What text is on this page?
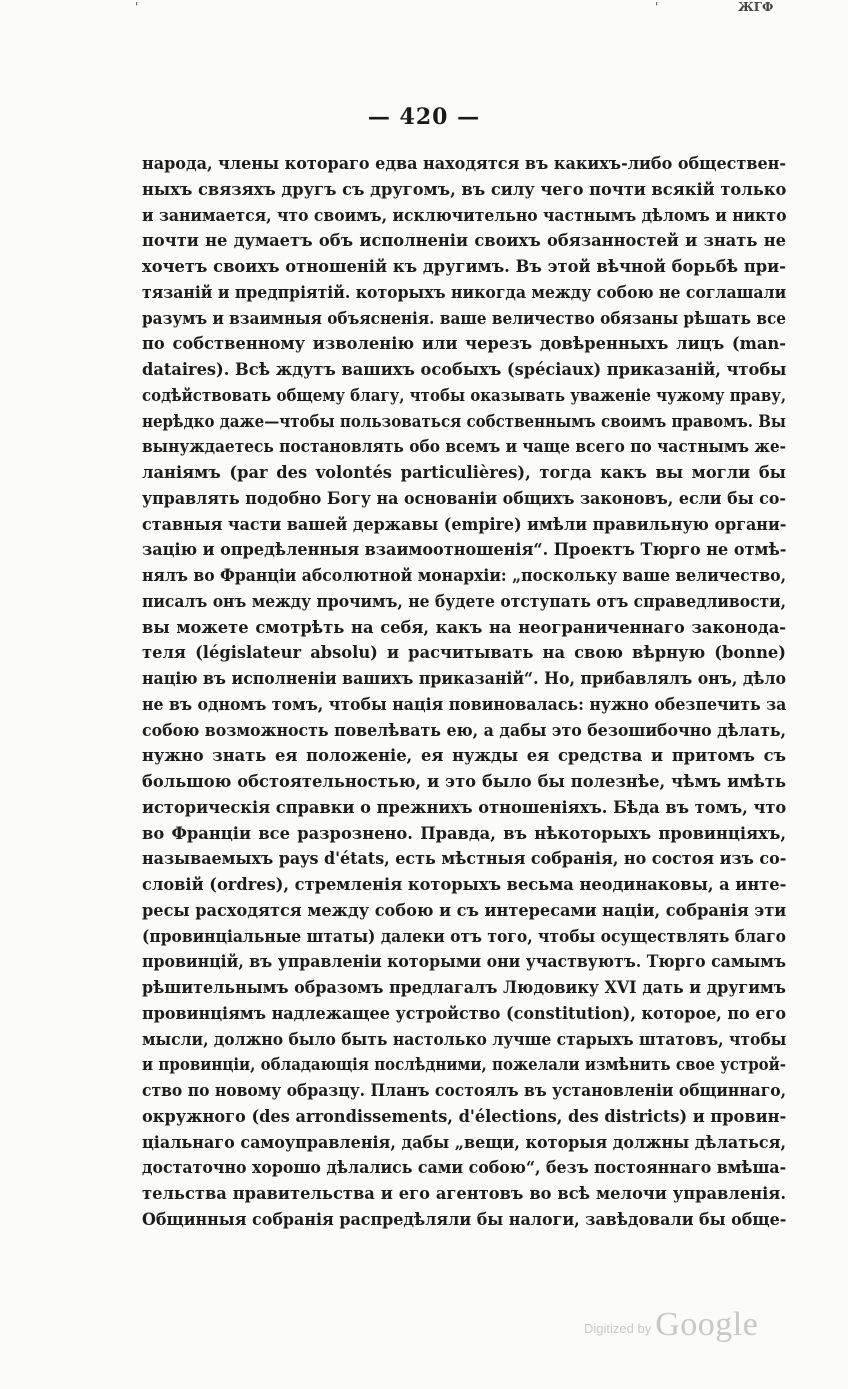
'	'	ЖГФ
— 420 —
народа, члены котораго едва находятся въ какихъ-либо обществен-
ныхъ связяхъ другъ съ другомъ, въ силу чего почти всякій только
и занимается, что своимъ, исключительно частнымъ дѣломъ и никто
почти не думаетъ объ исполненіи своихъ обязанностей и знать не
хочетъ своихъ отношеній къ другимъ. Въ этой вѣчной борьбѣ при-
тязаній и предпріятій. которыхъ никогда между собою не соглашали
разумъ и взаимныя объясненія. ваше величество обязаны рѣшать все
по собственному изволенію или черезъ довѣренныхъ лицъ (man-
dataires). Всѣ ждутъ вашихъ особыхъ (spéciaux) приказаній, чтобы
содѣйствовать общему благу, чтобы оказывать уваженіе чужому праву,
нерѣдко даже—чтобы пользоваться собственнымъ своимъ правомъ. Вы
вынуждаетесь постановлять обо всемъ и чаще всего по частнымъ же-
ланіямъ (par des volontés particulières), тогда какъ вы могли бы
управлять подобно Богу на основаніи общихъ законовъ, если бы со-
ставныя части вашей державы (empire) имѣли правильную органи-
зацію и опредѣленныя взаимоотношенія“. Проектъ Тюрго не отмѣ-
нялъ во Франціи абсолютной монархіи: „поскольку ваше величество,
писалъ онъ между прочимъ, не будете отступать отъ справедливости,
вы можете смотрѣть на себя, какъ на неограниченнаго законода-
теля (législateur absolu) и расчитывать на свою вѣрную (bonne)
націю въ исполненіи вашихъ приказаній“. Но, прибавлялъ онъ, дѣло
не въ одномъ томъ, чтобы нація повиновалась: нужно обезпечить за
собою возможность повелѣвать ею, а дабы это безошибочно дѣлать,
нужно знать ея положеніе, ея нужды ея средства и притомъ съ
большою обстоятельностью, и это было бы полезнѣе, чѣмъ имѣть
историческія справки о прежнихъ отношеніяхъ. Бѣда въ томъ, что
во Франціи все разрознено. Правда, въ нѣкоторыхъ провинціяхъ,
называемыхъ pays d'états, есть мѣстныя собранія, но состоя изъ со-
словій (ordres), стремленія которыхъ весьма неодинаковы, а инте-
ресы расходятся между собою и съ интересами націи, собранія эти
(провинціальные штаты) далеки отъ того, чтобы осуществлять благо
провинцій, въ управленіи которыми они участвуютъ. Тюрго самымъ
рѣшительнымъ образомъ предлагалъ Людовику XVI дать и другимъ
провинціямъ надлежащее устройство (constitution), которое, по его
мысли, должно было быть настолько лучше старыхъ штатовъ, чтобы
и провинціи, обладающія послѣдними, пожелали измѣнить свое устрой-
ство по новому образцу. Планъ состоялъ въ установленіи общиннаго,
окружного (des arrondissements, d'élections, des districts) и провин-
ціальнаго самоуправленія, дабы „вещи, которыя должны дѣлаться,
достаточно хорошо дѣлались сами собою“, безъ постояннаго вмѣша-
тельства правительства и его агентовъ во всѣ мелочи управленія.
Общинныя собранія распредѣляли бы налоги, завѣдовали бы обще-
Digitized by Google
